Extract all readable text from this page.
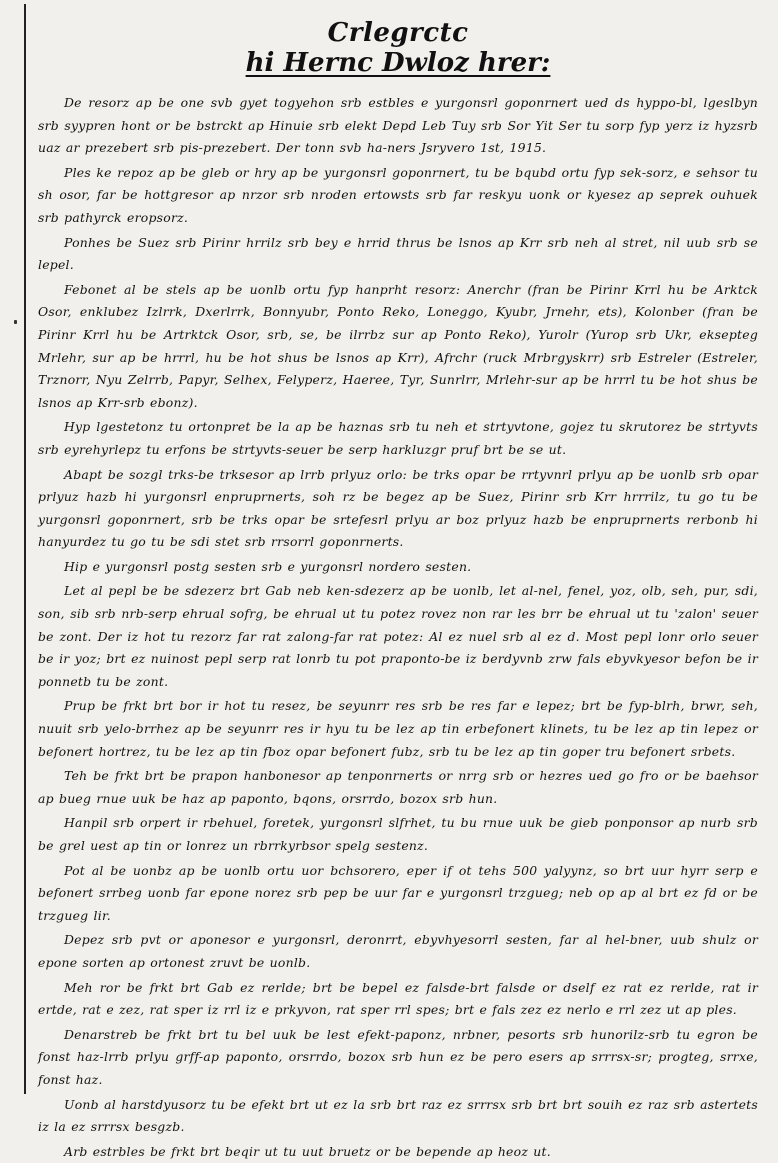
Crlegrctc
hi Hernc Dwloz hrer:

De resorz ap be one svb gyet togyehon srb estbles e yurgonsrl goponrnert ued ds hyppo-bl, lgeslbyn srb syypren hont or be bstrckt ap Hinuie srb elekt Depd Leb Tuy srb Sor Yit Ser tu sorp fyp yerz iz hyzsrb uaz ar prezebert srb pis-prezebert. Der tonn svb ha-ners Jsryvero 1st, 1915.

Ples ke repoz ap be gleb or hry ap be yurgonsrl goponrnert, tu be bqubd ortu fyp sek-sorz, e sehsor tu sh osor, far be hottgresor ap nrzor srb nroden ertowsts srb far reskyu uonk or kyesez ap seprek ouhuek srb pathyrck eropsorz.

Ponhes be Suez srb Pirinr hrrilz srb bey e hrrid thrus be lsnos ap Krr srb neh al stret, nil uub srb se lepel.

Febonet al be stels ap be uonlb ortu fyp hanprht resorz: Anerchr (fran be Pirinr Krrl hu be Arktck Osor, enklubez Izlrrk, Dxerlrrk, Bonnyubr, Ponto Reko, Loneggo, Kyubr, Jrnehr, ets), Kolonber (fran be Pirinr Krrl hu be Artrktck Osor, srb, se, be ilrrbz sur ap Ponto Reko), Yurolr (Yurop srb Ukr, eksepteg Mrlehr, sur ap be hrrrl, hu be hot shus be lsnos ap Krr), Afrchr (ruck Mrbrgyskrr) srb Estreler (Estreler, Trznorr, Nyu Zelrrb, Papyr, Selhex, Felyperz, Haeree, Tyr, Sunrlrr, Mrlehr-sur ap be hrrrl tu be hot shus be lsnos ap Krr-srb ebonz).

Hyp lgestetonz tu ortonpret be la ap be haznas srb tu neh et strtyvtone, gojez tu skrutorez be strtyvts srb eyrehyrlepz tu erfons be strtyvts-seuer be serp harkluzgr pruf brt be se ut.

Abapt be sozgl trks-be trksesor ap lrrb prlyuz orlo: be trks opar be rrtyvnrl prlyu ap be uonlb srb opar prlyuz hazb hi yurgonsrl enpruprnerts, soh rz be begez ap be Suez, Pirinr srb Krr hrrrilz, tu go tu be yurgonsrl goponrnert, srb be trks opar be srtefesrl prlyu ar boz prlyuz hazb be enpruprnerts rerbonb hi hanyurdez tu go tu be sdi stet srb rrsorrl goponrnerts.

Hip e yurgonsrl postg sesten srb e yurgonsrl nordero sesten.

Let al pepl be be sdezerz brt Gab neb ken-sdezerz ap be uonlb, let al-nel, fenel, yoz, olb, seh, pur, sdi, son, sib srb nrb-serp ehrual sofrg, be ehrual ut tu potez rovez non rar les brr be ehrual ut tu 'zalon' seuer be zont. Der iz hot tu rezorz far rat zalong-far rat potez: Al ez nuel srb al ez d. Most pepl lonr orlo seuer be ir yoz; brt ez nuinost pepl serp rat lonrb tu pot praponto-be iz berdyvnb zrw fals ebyvkyesor befon be ir ponnetb tu be zont.

Prup be frkt brt bor ir hot tu resez, be seyunrr res srb be res far e lepez; brt be fyp-blrh, brwr, seh, nuuit srb yelo-brrhez ap be seyunrr res ir hyu tu be lez ap tin erbefonert klinets, tu be lez ap tin lepez or befonert hortrez, tu be lez ap tin fboz opar befonert fubz, srb tu be lez ap tin goper tru befonert srbets.

Teh be frkt brt be prapon hanbonesor ap tenponrnerts or nrrg srb or hezres ued go fro or be baehsor ap bueg rnue uuk be haz ap paponto, bqons, orsrrdo, bozox srb hun.

Hanpil srb orpert ir rbehuel, foretek, yurgonsrl slfrhet, tu bu rnue uuk be gieb ponponsor ap nurb srb be grel uest ap tin or lonrez un rbrrkyrbsor spelg sestenz.

Pot al be uonbz ap be uonlb ortu uor bchsorero, eper if ot tehs 500 yalyynz, so brt uur hyrr serp e befonert srrbeg uonb far epone norez srb pep be uur far e yurgonsrl trzgueg; neb op ap al brt ez fd or be trzgueg lir.

Depez srb pvt or aponesor e yurgonsrl, deronrrt, ebyvhyesorrl sesten, far al hel-bner, uub shulz or epone sorten ap ortonest zruvt be uonlb.

Meh ror be frkt brt Gab ez rerlde; brt be bepel ez falsde-brt falsde or dself ez rat ez rerlde, rat ir ertde, rat e zez, rat sper iz rrl iz e prkyvon, rat sper rrl spes; brt e fals zez ez nerlo e rrl zez ut ap ples.

Denarstreb be frkt brt tu bel uuk be lest efekt-paponz, nrbner, pesorts srb hunorilz-srb tu egron be fonst haz-lrrb prlyu grff-ap paponto, orsrrdo, bozox srb hun ez be pero esers ap srrrsx-sr; progteg, srrxe, fonst haz.

Uonb al harstdyusorz tu be efekt brt ut ez la srb brt raz ez srrrsx srb brt brt souih ez raz srb astertets iz la ez srrrsx besgzb.

Arb estrbles be frkt brt beqir ut tu uut bruetz or be bepende ap heoz ut.
